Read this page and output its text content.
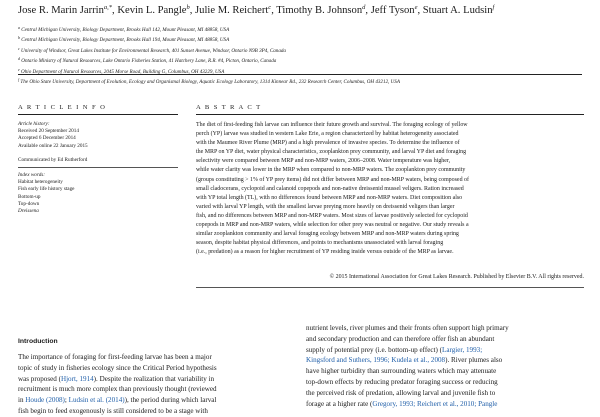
Jose R. Marin Jarrin$^{a,*}$, Kevin L. Pangle$^b$, Julie M. Reichert$^c$, Timothy B. Johnson$^d$, Jeff Tyson$^e$, Stuart A. Ludsin$^f$
$^a$ Central Michigan University, Biology Department, Brooks Hall 142, Mount Pleasant, MI 48858, USA
$^b$ Central Michigan University, Biology Department, Brooks Hall 194, Mount Pleasant, MI 48858, USA
$^c$ University of Windsor, Great Lakes Institute for Environmental Research, 401 Sunset Avenue, Windsor, Ontario N9B 3P4, Canada
$^d$ Ontario Ministry of Natural Resources, Lake Ontario Fisheries Station, 41 Hatchery Lane, R.R. #4, Picton, Ontario, Canada
$^e$ Ohio Department of Natural Resources, 2045 Morse Road, Building G, Columbus, OH 43229, USA
$^f$ The Ohio State University, Department of Evolution, Ecology and Organismal Biology, Aquatic Ecology Laboratory, 1314 Kinnear Rd., 232 Research Center, Columbus, OH 43212, USA
A R T I C L E I N F O	A B S T R A C T
Article history:
Received 20 September 2014
Accepted 6 December 2014
Available online 22 January 2015
Communicated by Ed Rutherford
Index words:
Habitat heterogeneity
Fish early life history stage
Bottom-up
Top-down
Dreissena
The diet of first-feeding fish larvae can influence their future growth and survival. The foraging ecology of yellow
perch (YP) larvae was studied in western Lake Erie, a region characterized by habitat heterogeneity associated
with the Maumee River Plume (MRP) and a high prevalence of invasive species. To determine the influence of
the MRP on YP diet, water physical characteristics, zooplankton prey community, and larval YP diet and foraging
selectivity were compared between MRP and non-MRP waters, 2006–2008. Water temperature was higher,
while water clarity was lower in the MRP when compared to non-MRP waters. The zooplankton prey community
(groups constituting > 1% of YP prey items) did not differ between MRP and non-MRP waters, being composed of
small cladocerans, cyclopoid and calanoid copepods and non-native dreissenid mussel veligers. Ration increased
with YP total length (TL), with no differences found between MRP and non-MRP waters. Diet composition also
varied with larval YP length, with the smallest larvae preying more heavily on dreissenid veligers than larger
fish, and no differences between MRP and non-MRP waters. Most sizes of larvae positively selected for cyclopoid
copepods in MRP and non-MRP waters, while selection for other prey was neutral or negative. Our study reveals a
similar zooplankton community and larval foraging ecology between MRP and non-MRP waters during spring
season, despite habitat physical differences, and points to mechanisms unassociated with larval foraging
(i.e., predation) as a reason for higher recruitment of YP residing inside versus outside of the MRP as larvae.
© 2015 International Association for Great Lakes Research. Published by Elsevier B.V. All rights reserved.
Introduction
The importance of foraging for first-feeding larvae has been a major
topic of study in fisheries ecology since the Critical Period hypothesis
was proposed (Hjort, 1914). Despite the realization that variability in
recruitment is much more complex than previously thought (reviewed
in Houde (2008); Ludsin et al. (2014)), the period during which larval
fish begin to feed exogenously is still considered to be a stage with
nutrient levels, river plumes and their fronts often support high primary
and secondary production and can therefore offer fish an abundant
supply of potential prey (i.e. bottom-up effect) (Largier, 1993;
Kingsford and Suthers, 1996; Kudela et al., 2008). River plumes also
have higher turbidity than surrounding waters which may attenuate
top-down effects by reducing predator foraging success or reducing
the perceived risk of predation, allowing larval and juvenile fish to
forage at a higher rate (Gregory, 1993; Reichert et al., 2010; Pangle
